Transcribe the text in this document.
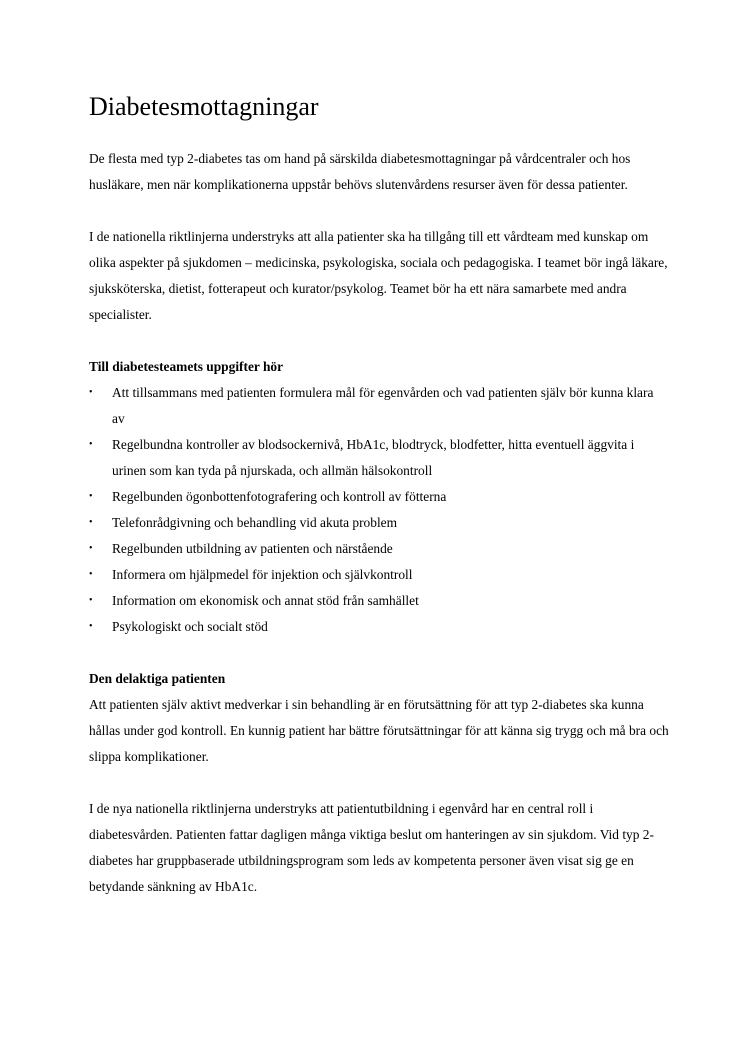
Diabetesmottagningar

De flesta med typ 2-diabetes tas om hand på särskilda diabetesmottagningar på vårdcentraler och hos husläkare, men när komplikationerna uppstår behövs slutenvårdens resurser även för dessa patienter.

I de nationella riktlinjerna understryks att alla patienter ska ha tillgång till ett vårdteam med kunskap om olika aspekter på sjukdomen – medicinska, psykologiska, sociala och pedagogiska. I teamet bör ingå läkare, sjuksköterska, dietist, fotterapeut och kurator/psykolog. Teamet bör ha ett nära samarbete med andra specialister.

Till diabetesteamets uppgifter hör

•	Att tillsammans med patienten formulera mål för egenvården och vad patienten själv bör kunna klara av
•	Regelbundna kontroller av blodsockernivå, HbA1c, blodtryck, blodfetter, hitta eventuell äggvita i urinen som kan tyda på njurskada, och allmän hälsokontroll
•	Regelbunden ögonbottenfotografering och kontroll av fötterna
•	Telefonrådgivning och behandling vid akuta problem
•	Regelbunden utbildning av patienten och närstående
•	Informera om hjälpmedel för injektion och självkontroll
•	Information om ekonomisk och annat stöd från samhället
•	Psykologiskt och socialt stöd

Den delaktiga patienten

Att patienten själv aktivt medverkar i sin behandling är en förutsättning för att typ 2-diabetes ska kunna hållas under god kontroll. En kunnig patient har bättre förutsättningar för att känna sig trygg och må bra och slippa komplikationer.

I de nya nationella riktlinjerna understryks att patientutbildning i egenvård har en central roll i diabetesvården. Patienten fattar dagligen många viktiga beslut om hanteringen av sin sjukdom. Vid typ 2-diabetes har gruppbaserade utbildningsprogram som leds av kompetenta personer även visat sig ge en betydande sänkning av HbA1c.
